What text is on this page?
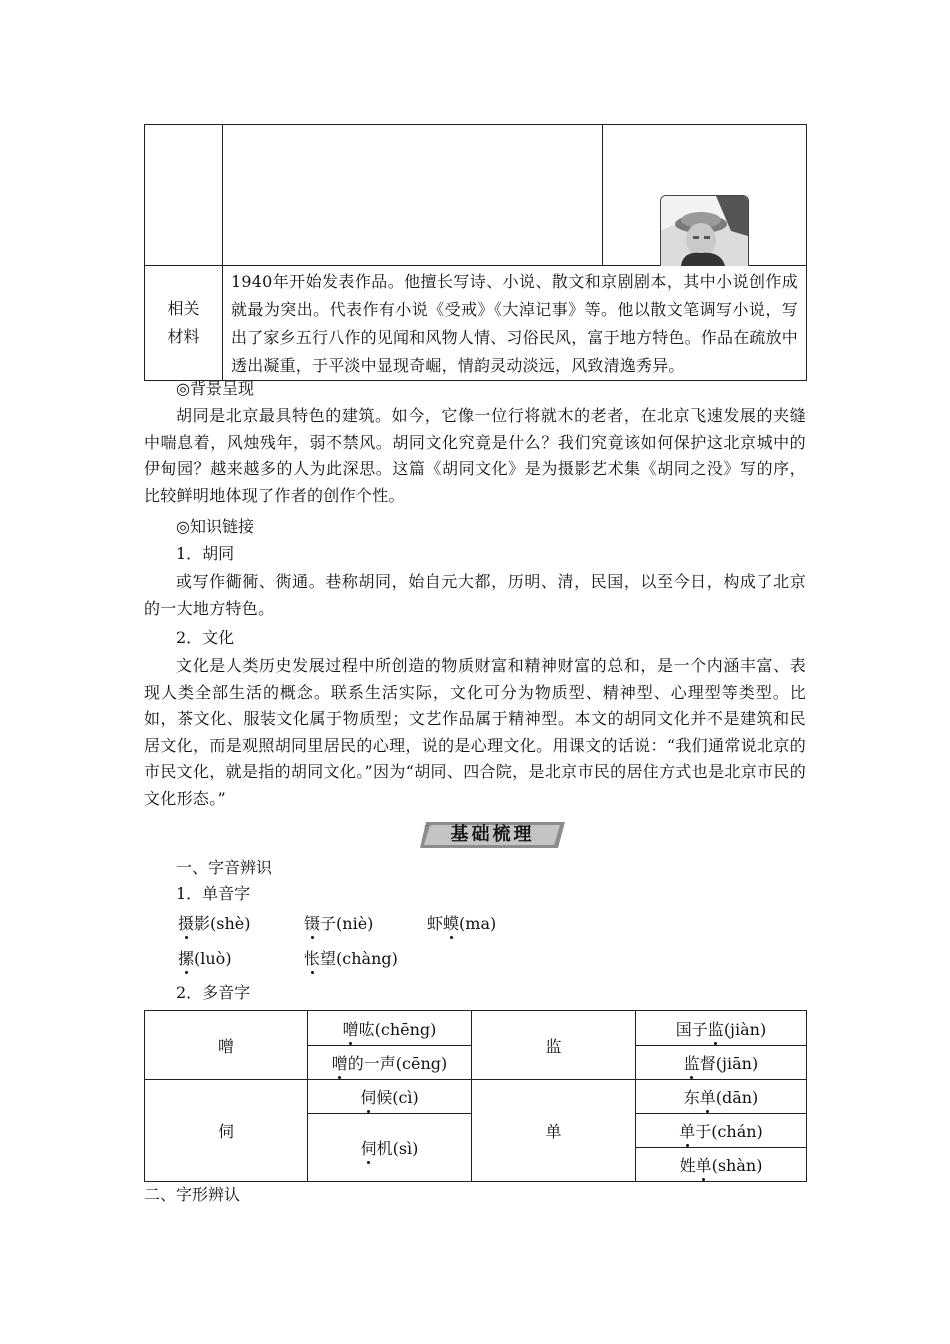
相关
材料	1940年开始发表作品。他擅长写诗、小说、散文和京剧剧本，其中小说创作成就最为突出。代表作有小说《受戒》《大淖记事》等。他以散文笔调写小说，写出了家乡五行八作的见闻和风物人情、习俗民风，富于地方特色。作品在疏放中透出凝重，于平淡中显现奇崛，情韵灵动淡远，风致清逸秀异。	
◎背景呈现
胡同是北京最具特色的建筑。如今，它像一位行将就木的老者，在北京飞速发展的夹缝中喘息着，风烛残年，弱不禁风。胡同文化究竟是什么？我们究竟该如何保护这北京城中的伊甸园？越来越多的人为此深思。这篇《胡同文化》是为摄影艺术集《胡同之没》写的序，比较鲜明地体现了作者的创作个性。
◎知识链接
1．胡同
或写作衚衕、衖通。巷称胡同，始自元大都，历明、清，民国，以至今日，构成了北京的一大地方特色。
2．文化
文化是人类历史发展过程中所创造的物质财富和精神财富的总和，是一个内涵丰富、表现人类全部生活的概念。联系生活实际，文化可分为物质型、精神型、心理型等类型。比如，茶文化、服装文化属于物质型；文艺作品属于精神型。本文的胡同文化并不是建筑和民居文化，而是观照胡同里居民的心理，说的是心理文化。用课文的话说：“我们通常说北京的市民文化，就是指的胡同文化。”因为“胡同、四合院，是北京市民的居住方式也是北京市民的文化形态。”
⌒	基础梳理
一、字音辨识
1．单音字
摄影(shè)	镊子(niè)	虾蟆(ma)
摞(luò)	怅望(chàng)
2．多音字
噌	噌吰(chēng)	监	国子监(jiàn)
	噌的一声(cēng)		监督(jiān)
伺	伺候(cì)	单	东单(dān)
	伺机(sì)		单于(chán)
			姓单(shàn)
二、字形辨认
